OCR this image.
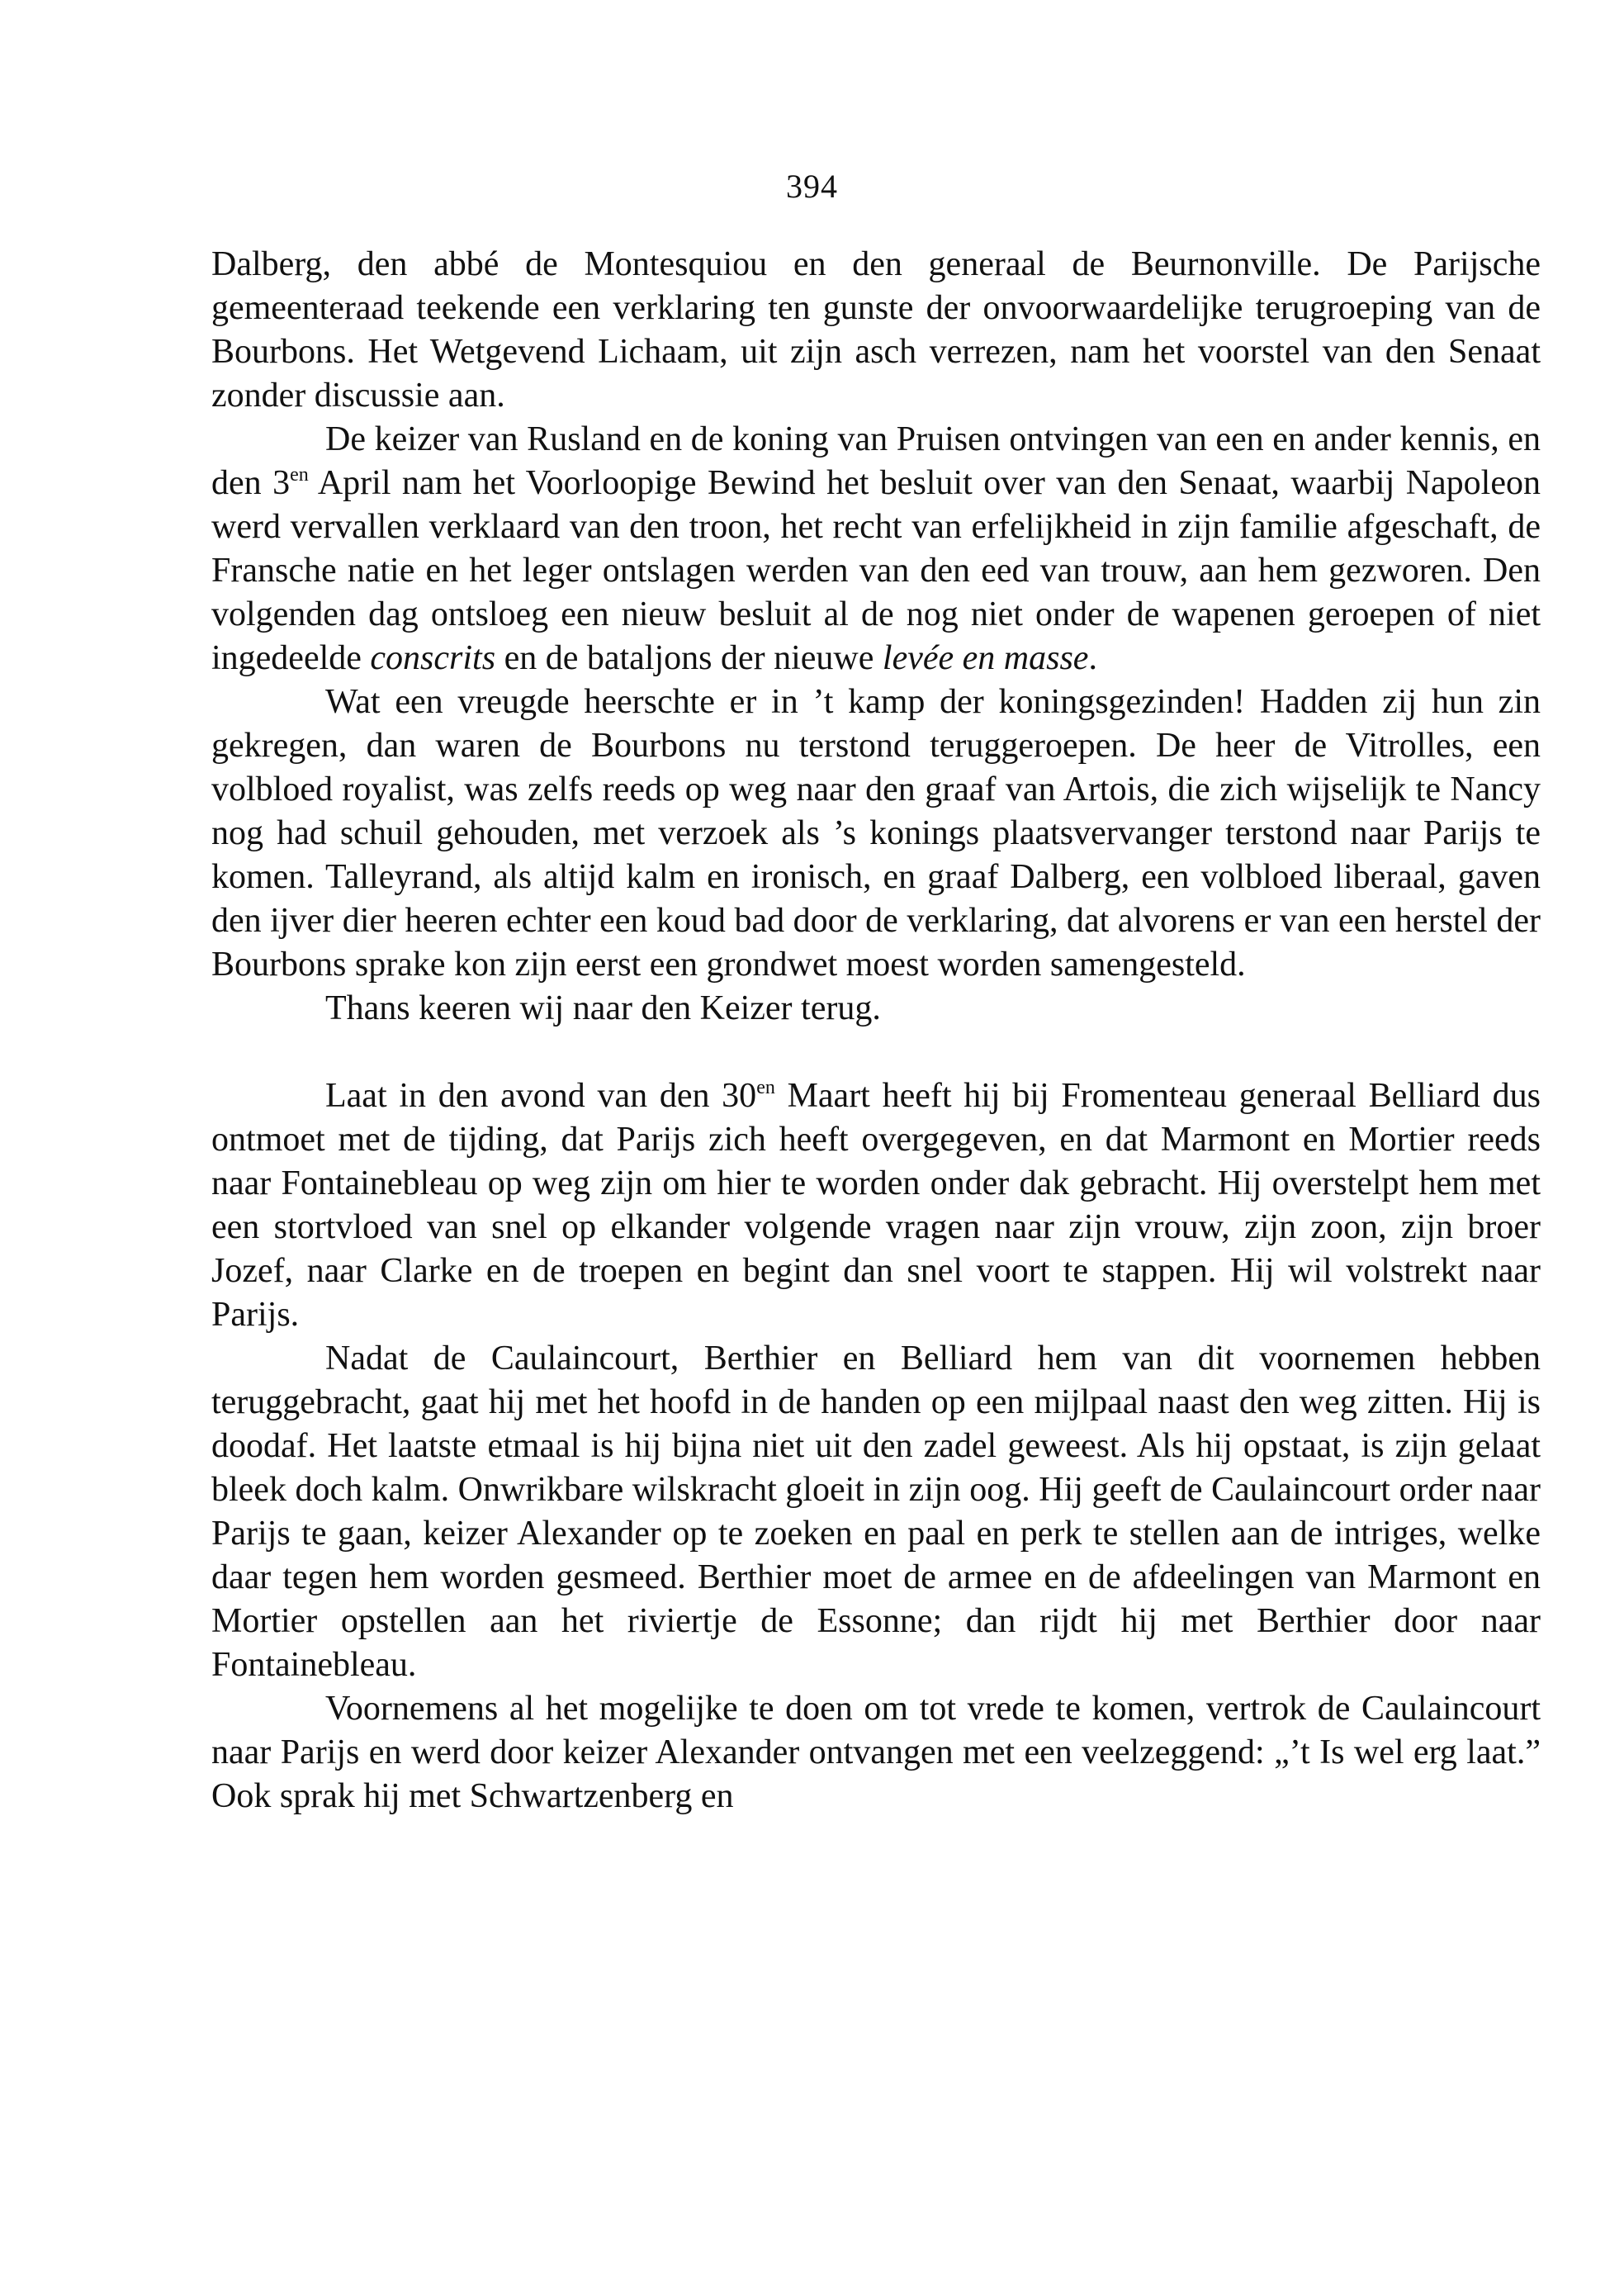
394

Dalberg, den abbé de Montesquiou en den generaal de Beurnonville. De Parijsche gemeenteraad teekende een verklaring ten gunste der onvoorwaardelijke terugroeping van de Bourbons. Het Wetgevend Lichaam, uit zijn asch verrezen, nam het voorstel van den Senaat zonder discussie aan.

De keizer van Rusland en de koning van Pruisen ontvingen van een en ander kennis, en den $3^{en}$ April nam het Voorloopige Bewind het besluit over van den Senaat, waarbij Napoleon werd vervallen verklaard van den troon, het recht van erfelijkheid in zijn familie afgeschaft, de Fransche natie en het leger ontslagen werden van den eed van trouw, aan hem gezworen. Den volgenden dag ontsloeg een nieuw besluit al de nog niet onder de wapenen geroepen of niet ingedeelde conscrits en de bataljons der nieuwe levée en masse.

Wat een vreugde heerschte er in ’t kamp der koningsgezinden! Hadden zij hun zin gekregen, dan waren de Bourbons nu terstond teruggeroepen. De heer de Vitrolles, een volbloed royalist, was zelfs reeds op weg naar den graaf van Artois, die zich wijselijk te Nancy nog had schuil gehouden, met verzoek als ’s konings plaatsvervanger terstond naar Parijs te komen. Talleyrand, als altijd kalm en ironisch, en graaf Dalberg, een volbloed liberaal, gaven den ijver dier heeren echter een koud bad door de verklaring, dat alvorens er van een herstel der Bourbons sprake kon zijn eerst een grondwet moest worden samengesteld.

Thans keeren wij naar den Keizer terug.

Laat in den avond van den $30^{en}$ Maart heeft hij bij Fromenteau generaal Belliard dus ontmoet met de tijding, dat Parijs zich heeft overgegeven, en dat Marmont en Mortier reeds naar Fontainebleau op weg zijn om hier te worden onder dak gebracht. Hij overstelpt hem met een stortvloed van snel op elkander volgende vragen naar zijn vrouw, zijn zoon, zijn broer Jozef, naar Clarke en de troepen en begint dan snel voort te stappen. Hij wil volstrekt naar Parijs.

Nadat de Caulaincourt, Berthier en Belliard hem van dit voornemen hebben teruggebracht, gaat hij met het hoofd in de handen op een mijlpaal naast den weg zitten. Hij is doodaf. Het laatste etmaal is hij bijna niet uit den zadel geweest. Als hij opstaat, is zijn gelaat bleek doch kalm. Onwrikbare wilskracht gloeit in zijn oog. Hij geeft de Caulaincourt order naar Parijs te gaan, keizer Alexander op te zoeken en paal en perk te stellen aan de intriges, welke daar tegen hem worden gesmeed. Berthier moet de armee en de afdeelingen van Marmont en Mortier opstellen aan het riviertje de Essonne; dan rijdt hij met Berthier door naar Fontainebleau.

Voornemens al het mogelijke te doen om tot vrede te komen, vertrok de Caulaincourt naar Parijs en werd door keizer Alexander ontvangen met een veelzeggend: „’t Is wel erg laat.” Ook sprak hij met Schwartzenberg en
